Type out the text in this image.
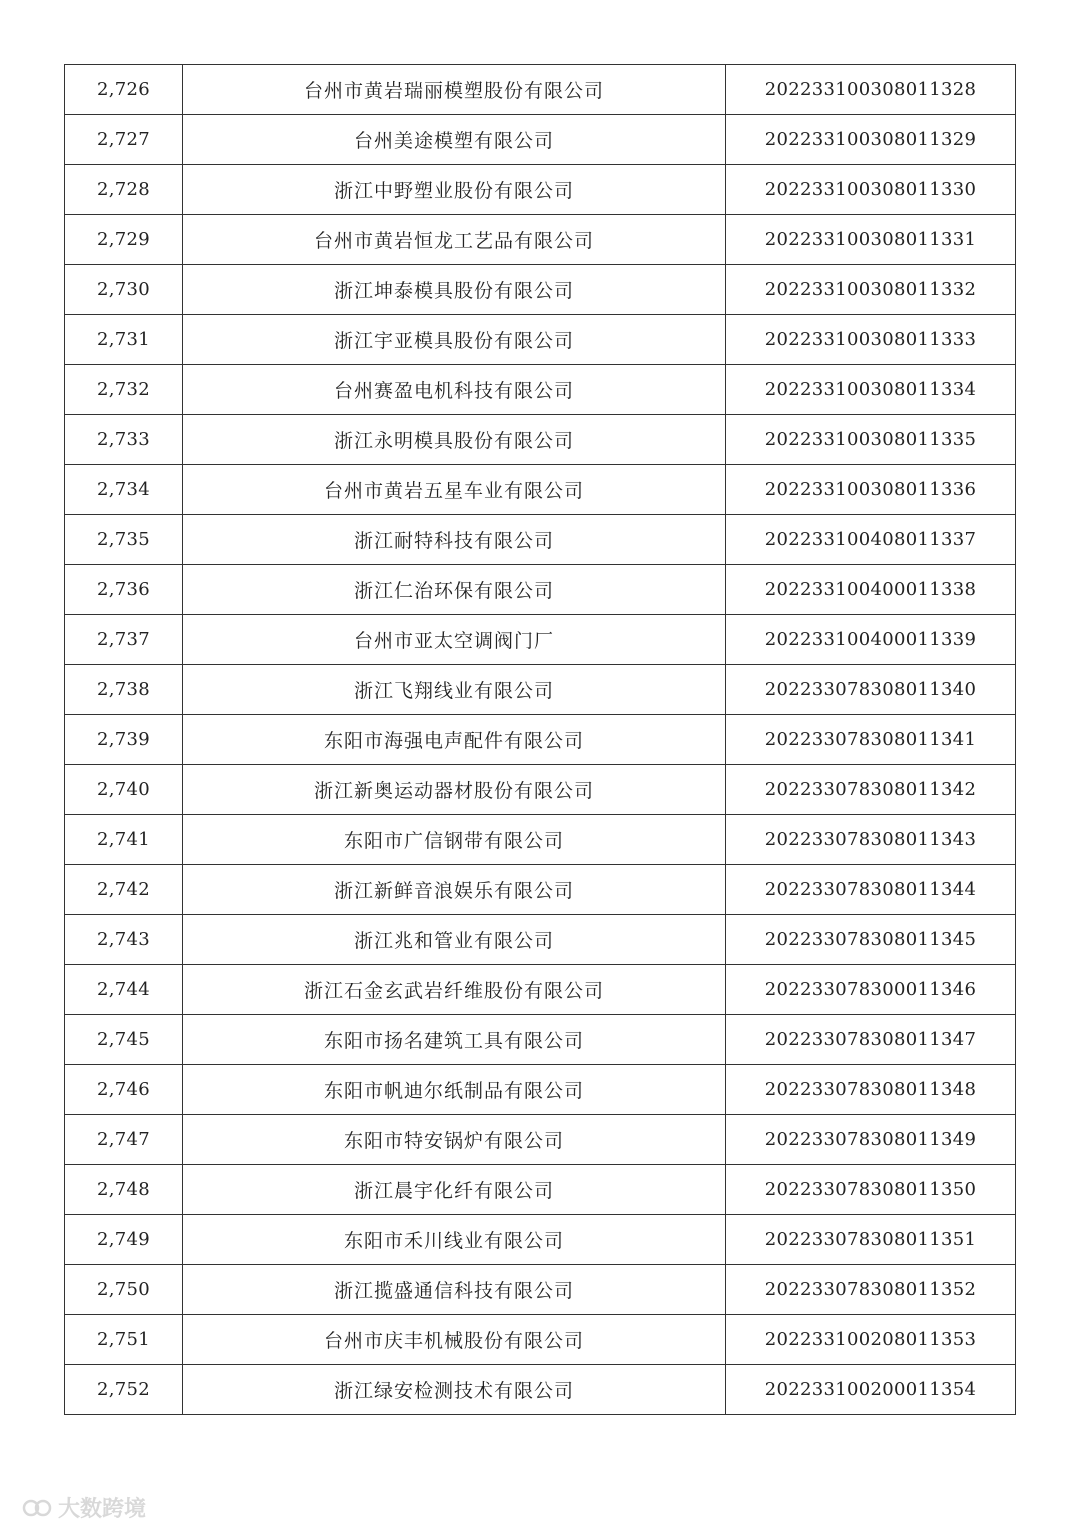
2,726	台州市黄岩瑞丽模塑股份有限公司	202233100308011328
2,727	台州美途模塑有限公司	202233100308011329
2,728	浙江中野塑业股份有限公司	202233100308011330
2,729	台州市黄岩恒龙工艺品有限公司	202233100308011331
2,730	浙江坤泰模具股份有限公司	202233100308011332
2,731	浙江宇亚模具股份有限公司	202233100308011333
2,732	台州赛盈电机科技有限公司	202233100308011334
2,733	浙江永明模具股份有限公司	202233100308011335
2,734	台州市黄岩五星车业有限公司	202233100308011336
2,735	浙江耐特科技有限公司	202233100408011337
2,736	浙江仁治环保有限公司	202233100400011338
2,737	台州市亚太空调阀门厂	202233100400011339
2,738	浙江飞翔线业有限公司	202233078308011340
2,739	东阳市海强电声配件有限公司	202233078308011341
2,740	浙江新奥运动器材股份有限公司	202233078308011342
2,741	东阳市广信钢带有限公司	202233078308011343
2,742	浙江新鲜音浪娱乐有限公司	202233078308011344
2,743	浙江兆和管业有限公司	202233078308011345
2,744	浙江石金玄武岩纤维股份有限公司	202233078300011346
2,745	东阳市扬名建筑工具有限公司	202233078308011347
2,746	东阳市帆迪尔纸制品有限公司	202233078308011348
2,747	东阳市特安锅炉有限公司	202233078308011349
2,748	浙江晨宇化纤有限公司	202233078308011350
2,749	东阳市禾川线业有限公司	202233078308011351
2,750	浙江揽盛通信科技有限公司	202233078308011352
2,751	台州市庆丰机械股份有限公司	202233100208011353
2,752	浙江绿安检测技术有限公司	202233100200011354
大数跨境
